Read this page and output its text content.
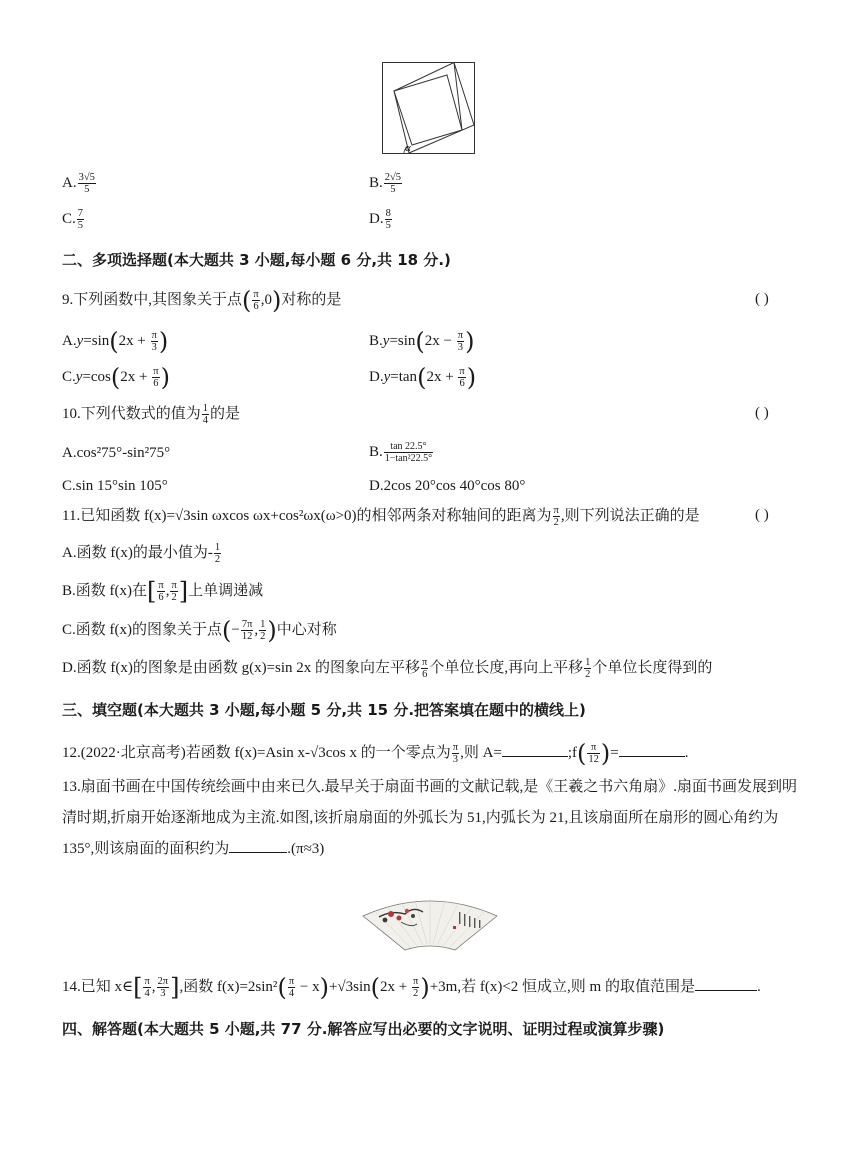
α
A. $\frac{3√5}{5}$	B. $\frac{2√5}{5}$
C. $\frac{7}{5}$	D. $\frac{8}{5}$
二、多项选择题(本大题共 3 小题,每小题 6 分,共 18 分.)
9.下列函数中,其图象关于点( $\frac{\pi}{6} ,0$)对称的是	( )
$A.y=\sin(2x + \frac{\pi}{3}$ )	$B.y=\sin(2x - \frac{\pi}{3}$ )
$C.y=\cos(2x + \frac{\pi}{6}$ )	$D.y=\tan(2x + \frac{\pi}{6}$ )
10.下列代数式的值为 $\frac{1}{4}$ 的是	( )
A.cos²75°-sin²75°	B. $\frac{\tan 22.5^\circ}{\text{1−tan²22.5°}}$
C.sin 15°sin 105°	D.2cos 20°cos 40°cos 80°
11.已知函数 f(x)=√3sin ωxcos ωx+cos²ωx(ω>0)的相邻两条对称轴间的距离为 $\frac{\pi}{2}$ ,则下列说法正确的是	( )
A.函数 f(x)的最小值为- $\frac{1}{2}$
B.函数 f(x)在[ $\frac{\pi}{6}$ , $\frac{\pi}{2}$ ]上单调递减
C.函数 f(x)的图象关于点(− $\frac{7\pi}{12}$ , $\frac{1}{2}$ )中心对称
D.函数 f(x)的图象是由函数 g(x)=sin 2x 的图象向左平移 $\frac{\pi}{6}$ 个单位长度,再向上平移 $\frac{1}{2}$ 个单位长度得到的
三、填空题(本大题共 3 小题,每小题 5 分,共 15 分.把答案填在题中的横线上)
12.(2022·北京高考)若函数 f(x)=Asin x-√3cos x 的一个零点为 $\frac{\pi}{3}$ ,则 A=	;f( $\frac{\pi}{12}$ )=	.
13.扇面书画在中国传统绘画中由来已久.最早关于扇面书画的文献记载,是《王羲之书六角扇》.扇面书画发展到明清时期,折扇开始逐渐地成为主流.如图,该折扇扇面的外弧长为 51,内弧长为 21,且该扇面所在扇形的圆心角约为 135°,则该扇面的面积约为	.(π≈3)
14.已知 x∈[ $\frac{\pi}{4}$ , $\frac{2\pi}{3}$ ],函数 $f(x)=2\sin^2( \frac{\pi}{4} - x)+√3\sin(2x + \frac{\pi}{2} )+3m$,若 f(x)<2 恒成立,则 m 的取值范围是	.
四、解答题(本大题共 5 小题,共 77 分.解答应写出必要的文字说明、证明过程或演算步骤)
